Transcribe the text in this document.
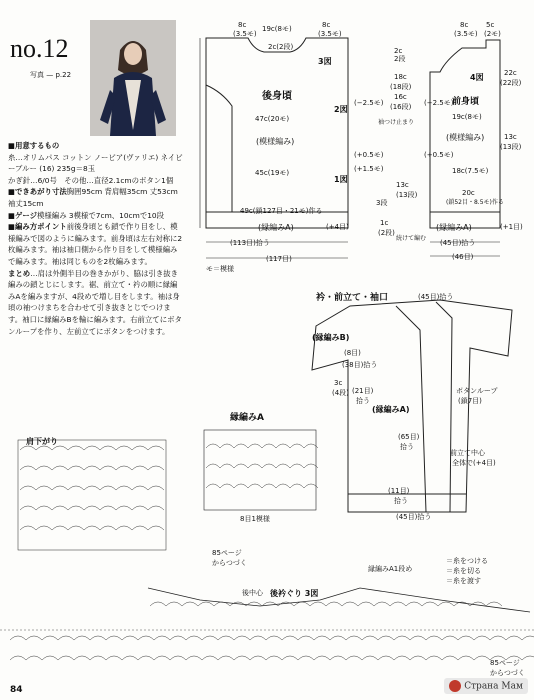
no.12
写真 — p.22

■用意するもの

糸…オリムパス コットン ノービア(ヴァリエ) ネイビーブルー (16) 235g＝8玉

かぎ針…6/0号　その他…直径2.1cmのボタン1個

■できあがり寸法胸囲95cm 背肩幅35cm 丈53cm 袖丈15cm

■ゲージ模様編み 3模様で7cm、10cmで10段

■編み方ポイント前後身頃とも鎖で作り目をし、模様編みで図のように編みます。前身頃は左右対称に2枚編みます。袖は袖口側から作り目をして模様編みで編みます。袖は同じものを2枚編みます。

まとめ…肩は外側半目の巻きかがり、脇は引き抜き編みの鎖とじにします。裾、前立て・衿の順に縁編みAを編みますが、4段めで増し目をします。袖は身頃の袖つけまちを合わせて引き抜きとじでつけます。袖口に縁編みBを輪に編みます。右前立てにボタンループを作り、左前立てにボタンをつけます。

8c
(3.5モ)
19c(8モ)	8c
(3.5モ)
2c(2段)
3図
後身頃
2図
47c(20モ)
(模様編み)
45c(19モ)
1図
49c(鎖127目・21モ)作る
(縁編みA)	(+4目)
(113目)拾う
(117目)
モ＝模様
2c
2段
18c
(18段)
16c
(16段)
(−2.5モ)
袖つけ止まり
(+0.5モ)
(+1.5モ)
13c
(13段)
3段
1c
(2段)
続けて編む
8c
(3.5モ)
5c
(2モ)
4図	22c
(22段)
前身頃
(−2.5モ)
19c(8モ)
(模様編み)	13c
(13段)
(+0.5モ)
18c(7.5モ)
20c
(鎖52目・8.5モ)作る
(縁編みA)	(+1目)
(45目)拾う
(46目)
衿・前立て・袖口	(45目)拾う
(縁編みB)
(8目)
(38目)拾う
3c
(4段) (21目)
拾う
ボタンループ
(鎖7目)
(縁編みA)
(65目)
拾う
前立て中心
全体で(+4目)
(11目)
拾う
(45目)拾う
縁編みA
8目1模様
肩下がり
85ページ
からつづく
後中心 後衿ぐり 3図
縁編みA1段め
＝糸をつける
＝糸を切る
＝糸を渡す
85ページ
からつづく
84	Страна Мам
